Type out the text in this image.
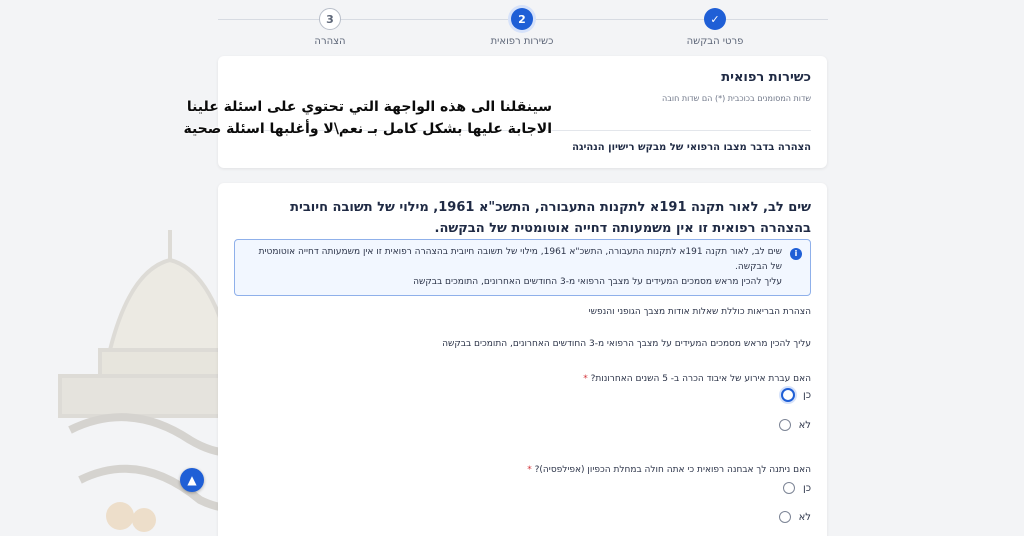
✓
פרטי הבקשה
2
כשירות רפואית
3
הצהרה
כשירות רפואית
שדות המסומנים בכוכבית (*) הם שדות חובה
הצהרה בדבר מצבו הרפואי של מבקש רישיון הנהיגה
שים לב, לאור תקנה 191א לתקנות התעבורה, התשכ"א 1961, מילוי של תשובה חיובית בהצהרה רפואית זו אין משמעותה דחייה אוטומטית של הבקשה.
i
שים לב, לאור תקנה 191א לתקנות התעבורה, התשכ"א 1961, מילוי של תשובה חיובית בהצהרה רפואית זו אין משמעותה דחייה אוטומטית
של הבקשה.
עליך להכין מראש מסמכים המעידים על מצבך הרפואי מ-3 החודשים האחרונים, התומכים בבקשה
הצהרת הבריאות כוללת שאלות אודות מצבך הגופני והנפשי
עליך להכין מראש מסמכים המעידים על מצבך הרפואי מ-3 החודשים האחרונים, התומכים בבקשה
האם עברת אירוע של איבוד הכרה ב- 5 השנים האחרונות? *
כן
לא
האם ניתנה לך אבחנה רפואית כי אתה חולה במחלת הכפיון (אפילפסיה)? *
כן
לא
▲
سينقلنا الى هذه الواجهة التي تحتوي على اسئلة علينا
الاجابة عليها بشكل كامل بـ نعم\لا وأغلبها اسئلة صحية
